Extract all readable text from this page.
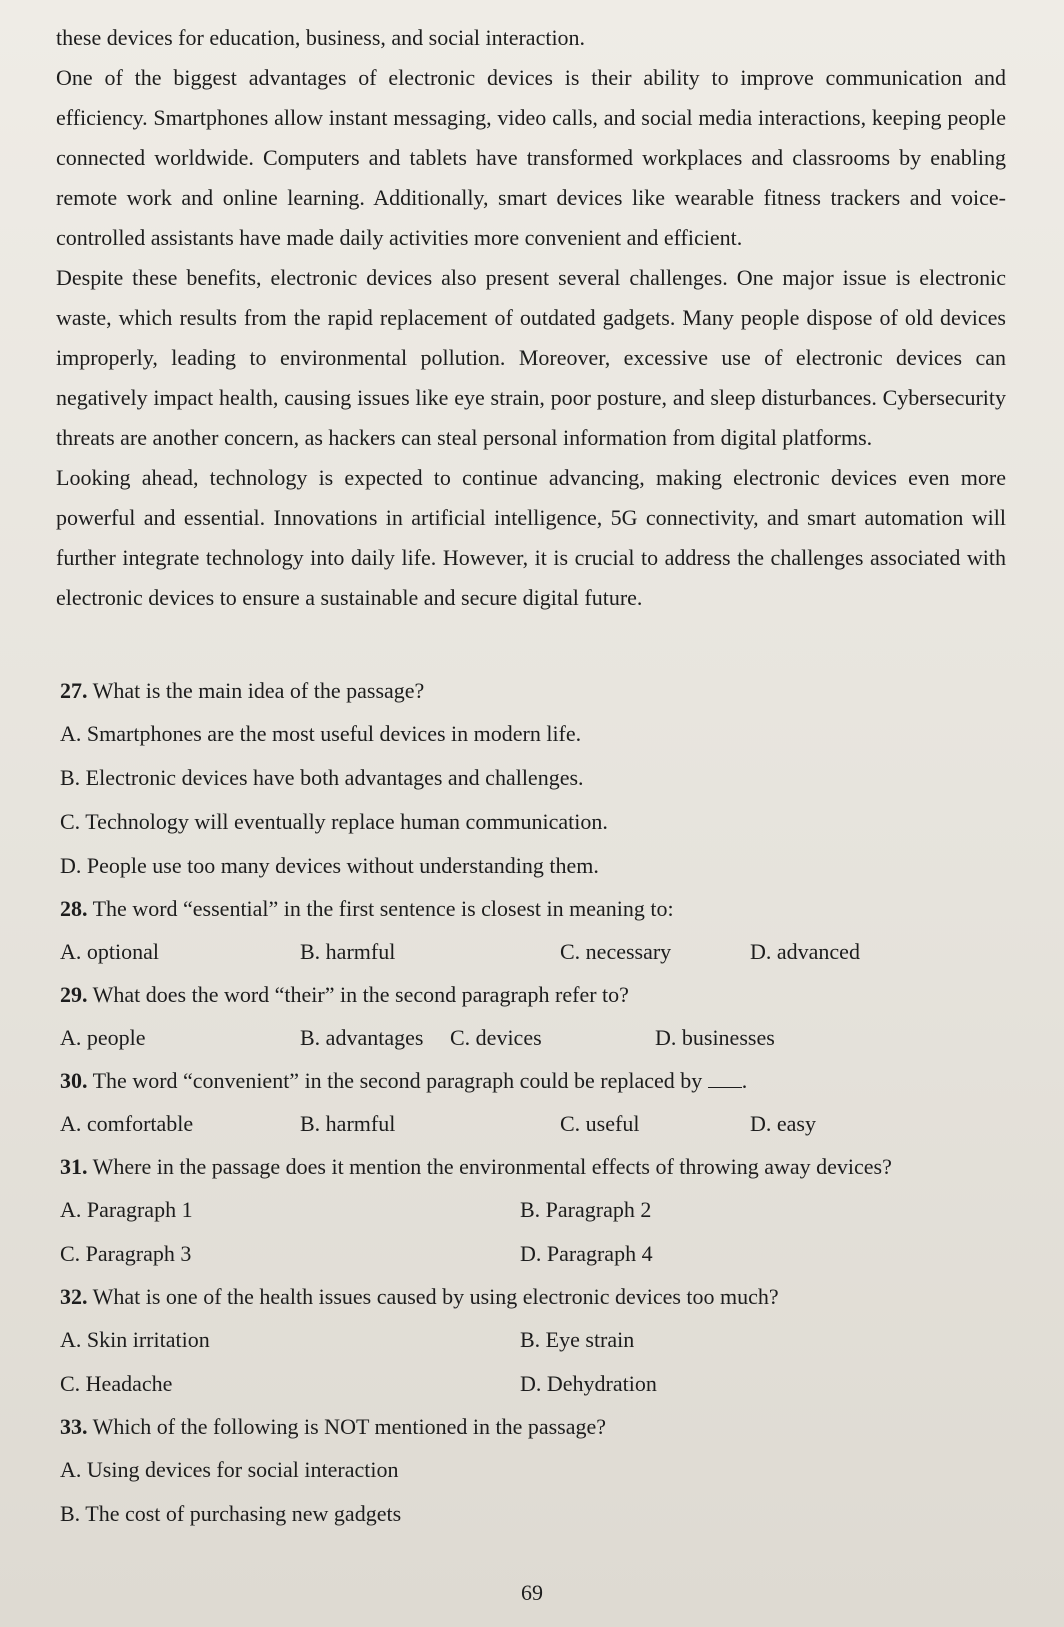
these devices for education, business, and social interaction.

One of the biggest advantages of electronic devices is their ability to improve communication and efficiency. Smartphones allow instant messaging, video calls, and social media interactions, keeping people connected worldwide. Computers and tablets have transformed workplaces and classrooms by enabling remote work and online learning. Additionally, smart devices like wearable fitness trackers and voice-controlled assistants have made daily activities more convenient and efficient.

Despite these benefits, electronic devices also present several challenges. One major issue is electronic waste, which results from the rapid replacement of outdated gadgets. Many people dispose of old devices improperly, leading to environmental pollution. Moreover, excessive use of electronic devices can negatively impact health, causing issues like eye strain, poor posture, and sleep disturbances. Cybersecurity threats are another concern, as hackers can steal personal information from digital platforms.

Looking ahead, technology is expected to continue advancing, making electronic devices even more powerful and essential. Innovations in artificial intelligence, 5G connectivity, and smart automation will further integrate technology into daily life. However, it is crucial to address the challenges associated with electronic devices to ensure a sustainable and secure digital future.

27. What is the main idea of the passage?
A. Smartphones are the most useful devices in modern life.
B. Electronic devices have both advantages and challenges.
C. Technology will eventually replace human communication.
D. People use too many devices without understanding them.
28. The word “essential” in the first sentence is closest in meaning to:
A. optional	B. harmful	C. necessary	D. advanced
29. What does the word “their” in the second paragraph refer to?
A. people	B. advantages	C. devices	D. businesses
30. The word “convenient” in the second paragraph could be replaced by .
A. comfortable	B. harmful	C. useful	D. easy
31. Where in the passage does it mention the environmental effects of throwing away devices?
A. Paragraph 1	B. Paragraph 2
C. Paragraph 3	D. Paragraph 4
32. What is one of the health issues caused by using electronic devices too much?
A. Skin irritation	B. Eye strain
C. Headache	D. Dehydration
33. Which of the following is NOT mentioned in the passage?
A. Using devices for social interaction
B. The cost of purchasing new gadgets
69
